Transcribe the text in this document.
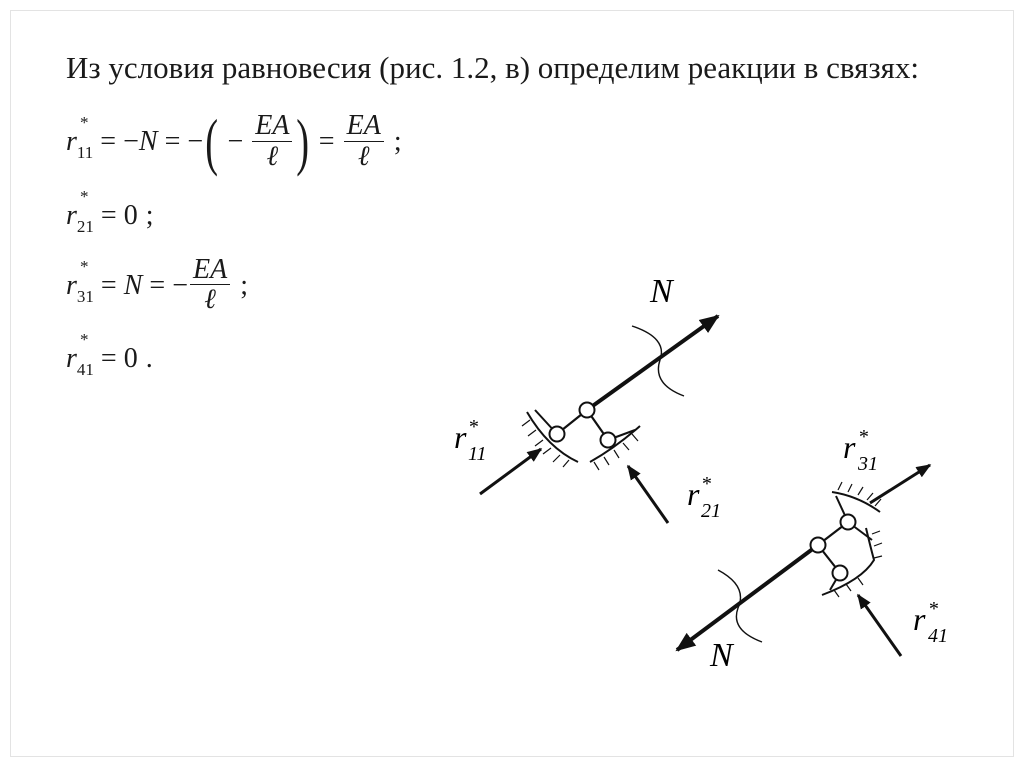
Из условия равновесия (рис. 1.2, в) определим реакции в связях:
r
*
$_{11}$ = − N = − ( − $\frac{EA}{\text{ℓ}}$ ) = $\frac{EA}{\text{ℓ}}$ ;
r
*
$_{21}$ = 0 ;
r
*
$_{31}$ = N = − $\frac{EA}{\text{ℓ}}$ ;
r
*
$_{41}$ = 0 .
N
N
r *
11
r *
21
r *
31
r *
41
